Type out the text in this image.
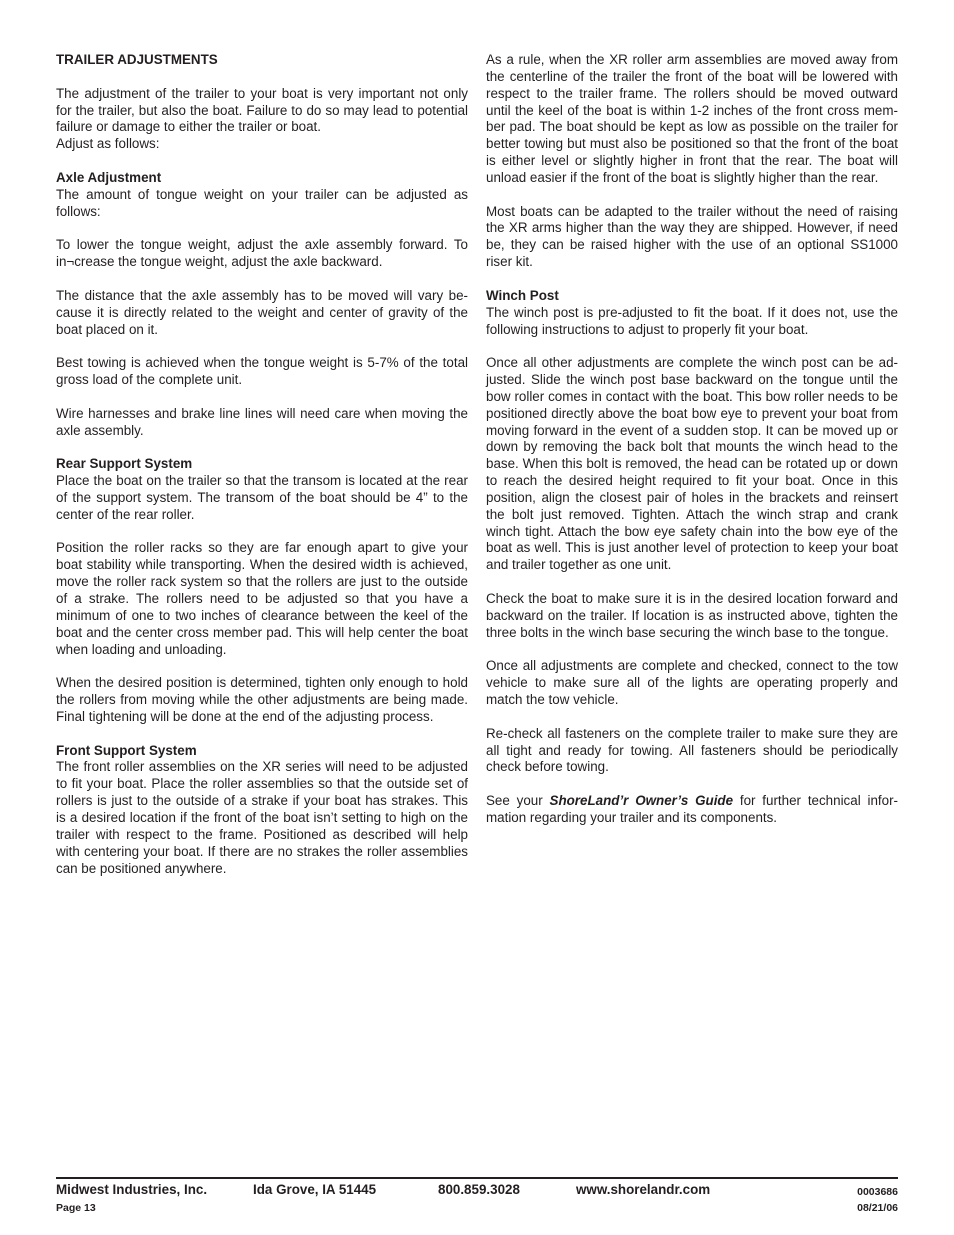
TRAILER ADJUSTMENTS

The adjustment of the trailer to your boat is very important not only for the trailer, but also the boat. Failure to do so may lead to potential failure or damage to either the trailer or boat.

Adjust as follows:

Axle Adjustment

The amount of tongue weight on your trailer can be adjusted as follows:

To lower the tongue weight, adjust the axle assembly forward. To in¬crease the tongue weight, adjust the axle backward.

The distance that the axle assembly has to be moved will vary because it is directly related to the weight and center of gravity of the boat placed on it.

Best towing is achieved when the tongue weight is 5-7% of the total gross load of the complete unit.

Wire harnesses and brake line lines will need care when moving the axle assembly.

Rear Support System

Place the boat on the trailer so that the transom is located at the rear of the support system. The transom of the boat should be 4” to the center of the rear roller.

Position the roller racks so they are far enough apart to give your boat stability while transporting. When the desired width is achieved, move the roller rack system so that the rollers are just to the outside of a strake. The rollers need to be adjusted so that you have a minimum of one to two inches of clearance between the keel of the boat and the center cross member pad. This will help center the boat when loading and unloading.

When the desired position is determined, tighten only enough to hold the rollers from moving while the other adjustments are being made. Final tightening will be done at the end of the adjusting process.

Front Support System

The front roller assemblies on the XR series will need to be adjusted to fit your boat. Place the roller assemblies so that the outside set of rollers is just to the outside of a strake if your boat has strakes. This is a desired location if the front of the boat isn’t setting to high on the trailer with respect to the frame. Positioned as described will help with centering your boat. If there are no strakes the roller assemblies can be positioned anywhere.

As a rule, when the XR roller arm assemblies are moved away from the centerline of the trailer the front of the boat will be lowered with respect to the trailer frame. The rollers should be moved outward until the keel of the boat is within 1-2 inches of the front cross member pad. The boat should be kept as low as possible on the trailer for better towing but must also be positioned so that the front of the boat is either level or slightly higher in front that the rear. The boat will unload easier if the front of the boat is slightly higher than the rear.

Most boats can be adapted to the trailer without the need of raising the XR arms higher than the way they are shipped. However, if need be, they can be raised higher with the use of an optional SS1000 riser kit.

Winch Post

The winch post is pre-adjusted to fit the boat. If it does not, use the following instructions to adjust to properly fit your boat.

Once all other adjustments are complete the winch post can be adjusted. Slide the winch post base backward on the tongue until the bow roller comes in contact with the boat. This bow roller needs to be positioned directly above the boat bow eye to prevent your boat from moving forward in the event of a sudden stop. It can be moved up or down by removing the back bolt that mounts the winch head to the base. When this bolt is removed, the head can be rotated up or down to reach the desired height required to fit your boat. Once in this position, align the closest pair of holes in the brackets and reinsert the bolt just removed. Tighten. Attach the winch strap and crank winch tight. Attach the bow eye safety chain into the bow eye of the boat as well. This is just another level of protection to keep your boat and trailer together as one unit.

Check the boat to make sure it is in the desired location forward and backward on the trailer. If location is as instructed above, tighten the three bolts in the winch base securing the winch base to the tongue.

Once all adjustments are complete and checked, connect to the tow vehicle to make sure all of the lights are operating properly and match the tow vehicle.

Re-check all fasteners on the complete trailer to make sure they are all tight and ready for towing. All fasteners should be periodically check before towing.

See your ShoreLand’r Owner’s Guide for further technical information regarding your trailer and its components.

Midwest Industries, Inc.	Ida Grove, IA 51445	800.859.3028	www.shorelandr.com
Page 13
0003686
08/21/06
